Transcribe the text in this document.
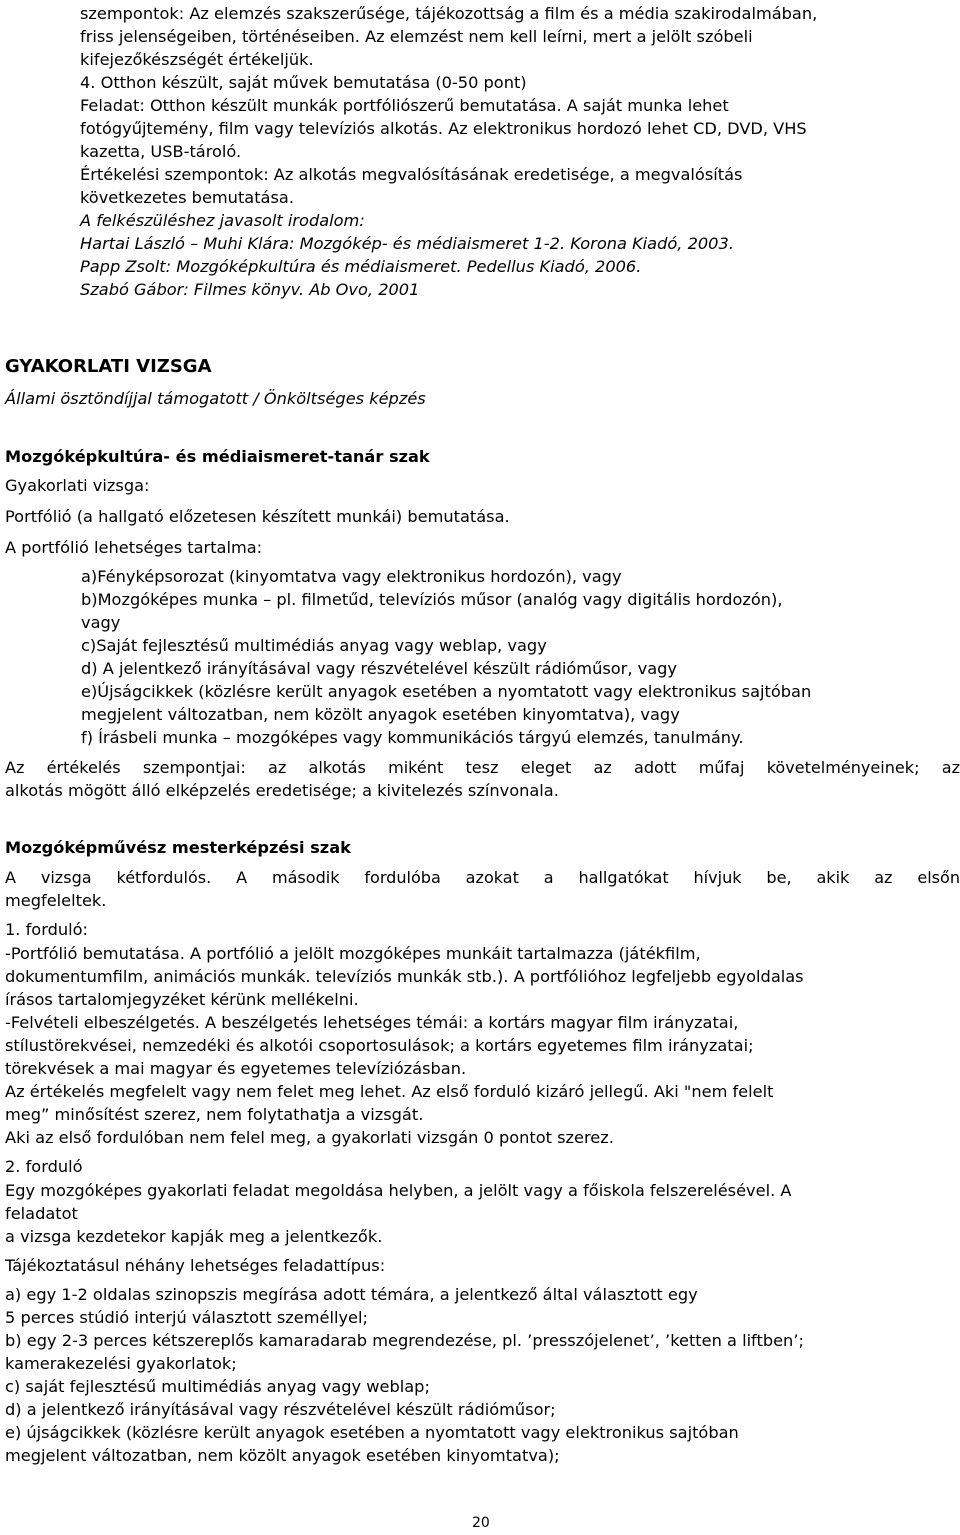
szempontok: Az elemzés szakszerűsége, tájékozottság a film és a média szakirodalmában,
friss jelenségeiben, történéseiben. Az elemzést nem kell leírni, mert a jelölt szóbeli
kifejezőkészségét értékeljük.
4. Otthon készült, saját művek bemutatása (0-50 pont)
Feladat: Otthon készült munkák portfóliószerű bemutatása. A saját munka lehet
fotógyűjtemény, film vagy televíziós alkotás. Az elektronikus hordozó lehet CD, DVD, VHS
kazetta, USB-tároló.
Értékelési szempontok: Az alkotás megvalósításának eredetisége, a megvalósítás
következetes bemutatása.
A felkészüléshez javasolt irodalom:
Hartai László – Muhi Klára: Mozgókép- és médiaismeret 1-2. Korona Kiadó, 2003.
Papp Zsolt: Mozgóképkultúra és médiaismeret. Pedellus Kiadó, 2006.
Szabó Gábor: Filmes könyv. Ab Ovo, 2001
GYAKORLATI VIZSGA
Állami ösztöndíjjal támogatott / Önköltséges képzés
Mozgóképkultúra- és médiaismeret-tanár szak
Gyakorlati vizsga:
Portfólió (a hallgató előzetesen készített munkái) bemutatása.
A portfólió lehetséges tartalma:
a)Fényképsorozat (kinyomtatva vagy elektronikus hordozón), vagy
b)Mozgóképes munka – pl. filmetűd, televíziós műsor (analóg vagy digitális hordozón),
vagy
c)Saját fejlesztésű multimédiás anyag vagy weblap, vagy
d) A jelentkező irányításával vagy részvételével készült rádióműsor, vagy
e)Újságcikkek (közlésre került anyagok esetében a nyomtatott vagy elektronikus sajtóban
megjelent változatban, nem közölt anyagok esetében kinyomtatva), vagy
f) Írásbeli munka – mozgóképes vagy kommunikációs tárgyú elemzés, tanulmány.
Az értékelés szempontjai: az alkotás miként tesz eleget az adott műfaj követelményeinek; az
alkotás mögött álló elképzelés eredetisége; a kivitelezés színvonala.
Mozgóképművész mesterképzési szak
A vizsga kétfordulós. A második fordulóba azokat a hallgatókat hívjuk be, akik az elsőn
megfeleltek.
1. forduló:
-Portfólió bemutatása. A portfólió a jelölt mozgóképes munkáit tartalmazza (játékfilm,
dokumentumfilm, animációs munkák. televíziós munkák stb.). A portfólióhoz legfeljebb egyoldalas
írásos tartalomjegyzéket kérünk mellékelni.
-Felvételi elbeszélgetés. A beszélgetés lehetséges témái: a kortárs magyar film irányzatai,
stílustörekvései, nemzedéki és alkotói csoportosulások; a kortárs egyetemes film irányzatai;
törekvések a mai magyar és egyetemes televíziózásban.
Az értékelés megfelelt vagy nem felet meg lehet. Az első forduló kizáró jellegű. Aki "nem felelt
meg” minősítést szerez, nem folytathatja a vizsgát.
Aki az első fordulóban nem felel meg, a gyakorlati vizsgán 0 pontot szerez.
2. forduló
Egy mozgóképes gyakorlati feladat megoldása helyben, a jelölt vagy a főiskola felszerelésével. A
feladatot
a vizsga kezdetekor kapják meg a jelentkezők.
Tájékoztatásul néhány lehetséges feladattípus:
a) egy 1-2 oldalas szinopszis megírása adott témára, a jelentkező által választott egy
5 perces stúdió interjú választott személlyel;
b) egy 2-3 perces kétszereplős kamaradarab megrendezése, pl. ’presszójelenet’, ’ketten a liftben’;
kamerakezelési gyakorlatok;
c) saját fejlesztésű multimédiás anyag vagy weblap;
d) a jelentkező irányításával vagy részvételével készült rádióműsor;
e) újságcikkek (közlésre került anyagok esetében a nyomtatott vagy elektronikus sajtóban
megjelent változatban, nem közölt anyagok esetében kinyomtatva);
20
